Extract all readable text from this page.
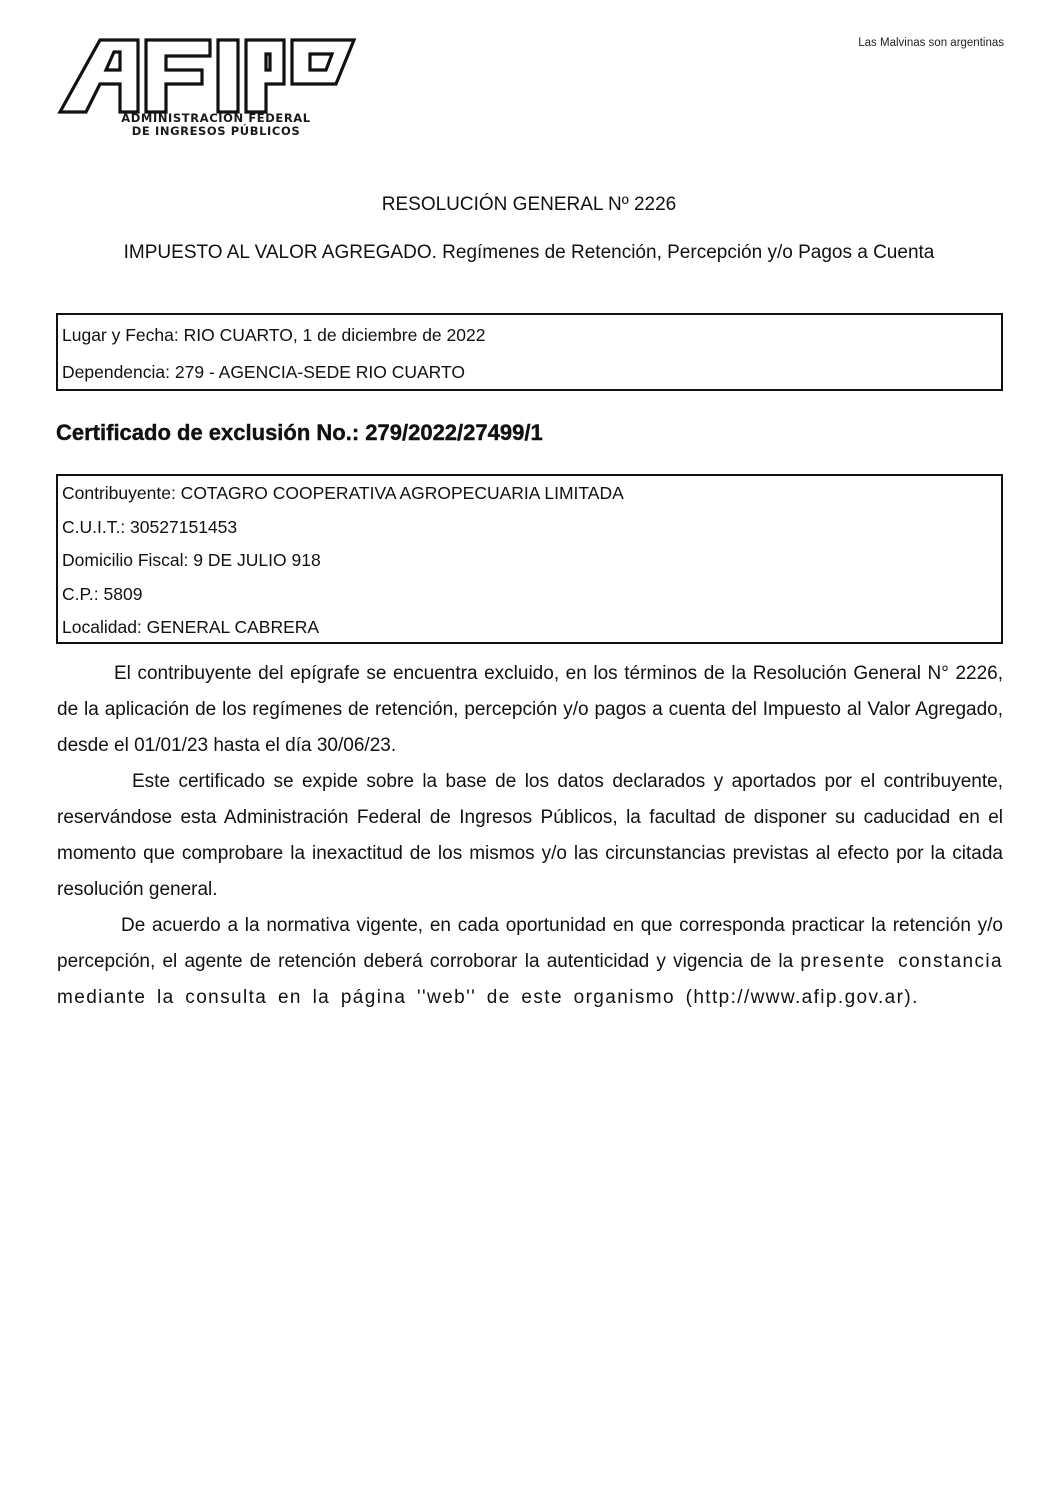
Las Malvinas son argentinas
ADMINISTRACIÓN FEDERAL
DE INGRESOS PÚBLICOS
RESOLUCIÓN GENERAL Nº 2226
IMPUESTO AL VALOR AGREGADO. Regímenes de Retención, Percepción y/o Pagos a Cuenta
Lugar y Fecha: RIO CUARTO, 1 de diciembre de 2022
Dependencia: 279 - AGENCIA-SEDE RIO CUARTO
Certificado de exclusión No.: 279/2022/27499/1
Contribuyente: COTAGRO COOPERATIVA AGROPECUARIA LIMITADA
C.U.I.T.: 30527151453
Domicilio Fiscal: 9 DE JULIO 918
C.P.: 5809
Localidad: GENERAL CABRERA

El contribuyente del epígrafe se encuentra excluido, en los términos de la Resolución General N° 2226, de la aplicación de los regímenes de retención, percepción y/o pagos a cuenta del Impuesto al Valor Agregado, desde el 01/01/23 hasta el día 30/06/23.

Este certificado se expide sobre la base de los datos declarados y aportados por el contribuyente, reservándose esta Administración Federal de Ingresos Públicos, la facultad de disponer su caducidad en el momento que comprobare la inexactitud de los mismos y/o las circunstancias previstas al efecto por la citada resolución general.

De acuerdo a la normativa vigente, en cada oportunidad en que corresponda practicar la retención y/o percepción, el agente de retención deberá corroborar la autenticidad y vigencia de la presente constancia mediante la consulta en la página ''web'' de este organismo (http://www.afip.gov.ar).
